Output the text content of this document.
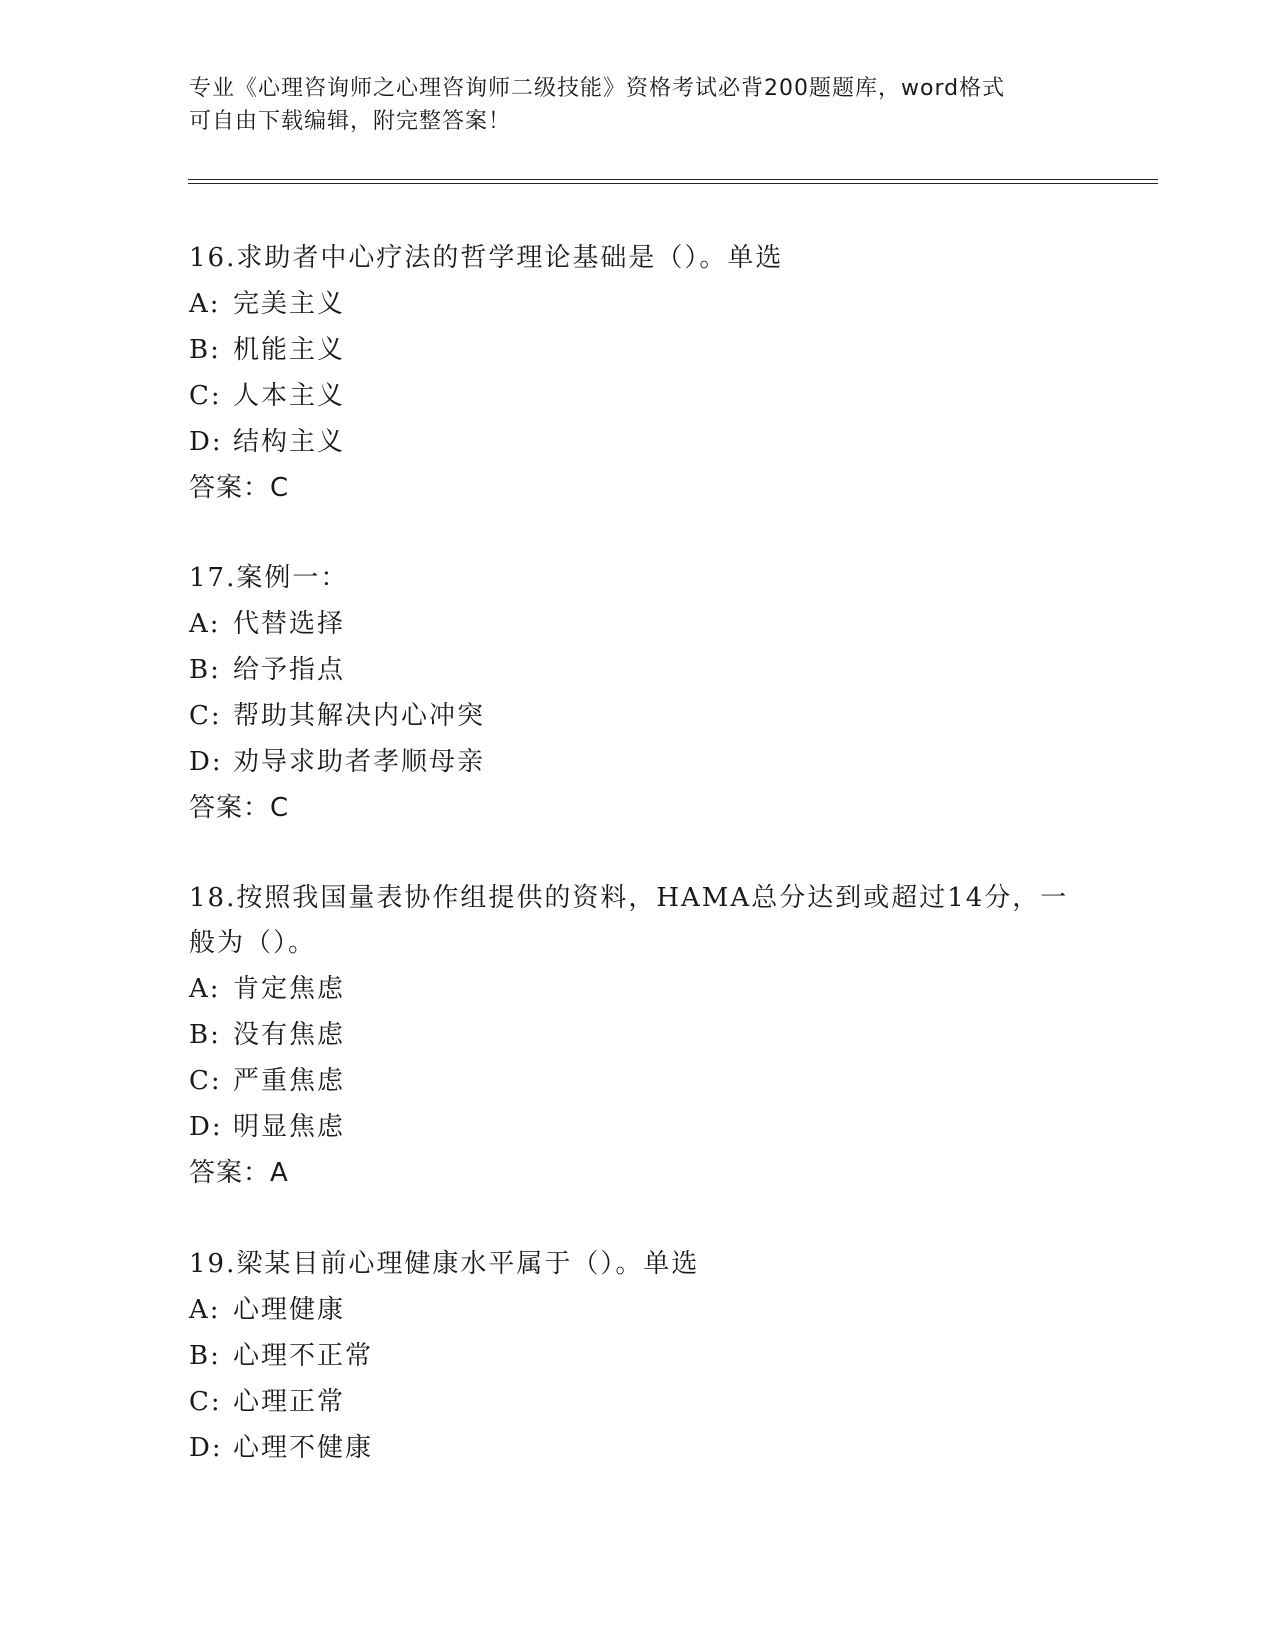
专业《心理咨询师之心理咨询师二级技能》资格考试必背200题题库，word格式
可自由下载编辑，附完整答案！
16.求助者中心疗法的哲学理论基础是（）。单选
A: 完美主义
B: 机能主义
C: 人本主义
D: 结构主义
答案：C
17.案例一：
A: 代替选择
B: 给予指点
C: 帮助其解决内心冲突
D: 劝导求助者孝顺母亲
答案：C
18.按照我国量表协作组提供的资料，HAMA总分达到或超过14分，一般为（）。
A: 肯定焦虑
B: 没有焦虑
C: 严重焦虑
D: 明显焦虑
答案：A
19.梁某目前心理健康水平属于（）。单选
A: 心理健康
B: 心理不正常
C: 心理正常
D: 心理不健康
